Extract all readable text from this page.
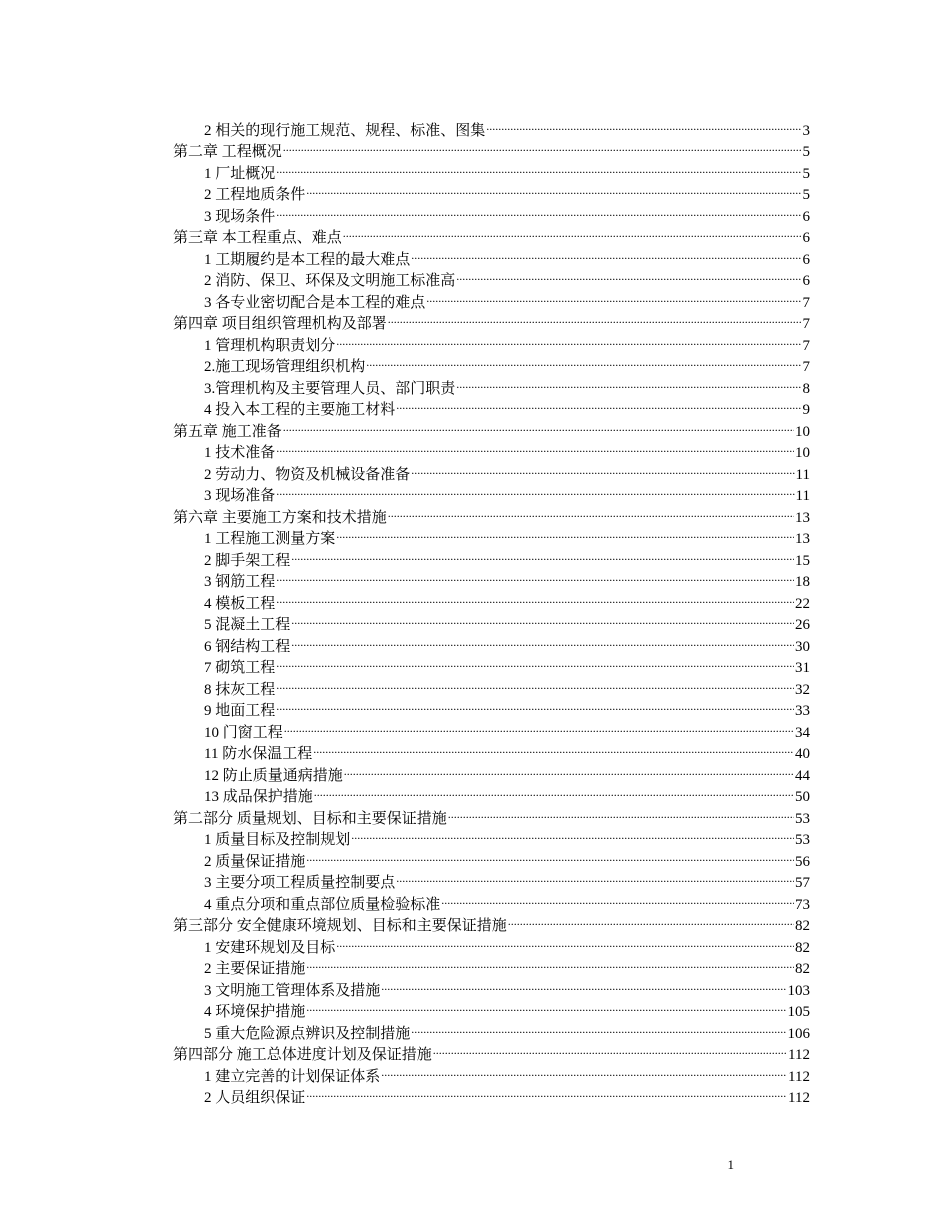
2 相关的现行施工规范、规程、标准、图集 .....	3
第二章 工程概况 .....	5
1 厂址概况 .....	5
2 工程地质条件 .....	5
3 现场条件 .....	6
第三章 本工程重点、难点 .....	6
1 工期履约是本工程的最大难点 .....	6
2 消防、保卫、环保及文明施工标准高 .....	6
3 各专业密切配合是本工程的难点 .....	7
第四章 项目组织管理机构及部署 .....	7
1 管理机构职责划分 .....	7
2.施工现场管理组织机构 .....	7
3.管理机构及主要管理人员、部门职责 .....	8
4 投入本工程的主要施工材料 .....	9
第五章 施工准备 .....	10
1 技术准备 .....	10
2 劳动力、物资及机械设备准备 .....	11
3 现场准备 .....	11
第六章 主要施工方案和技术措施 .....	13
1 工程施工测量方案 .....	13
2 脚手架工程 .....	15
3 钢筋工程 .....	18
4 模板工程 .....	22
5 混凝土工程 .....	26
6 钢结构工程 .....	30
7 砌筑工程 .....	31
8 抹灰工程 .....	32
9 地面工程 .....	33
10 门窗工程 .....	34
11 防水保温工程 .....	40
12 防止质量通病措施 .....	44
13 成品保护措施 .....	50
第二部分 质量规划、目标和主要保证措施 .....	53
1 质量目标及控制规划 .....	53
2 质量保证措施 .....	56
3 主要分项工程质量控制要点 .....	57
4 重点分项和重点部位质量检验标准 .....	73
第三部分 安全健康环境规划、目标和主要保证措施 .....	82
1 安建环规划及目标 .....	82
2 主要保证措施 .....	82
3 文明施工管理体系及措施 .....	103
4 环境保护措施 .....	105
5 重大危险源点辨识及控制措施 .....	106
第四部分 施工总体进度计划及保证措施 .....	112
1 建立完善的计划保证体系 .....	112
2 人员组织保证 .....	112
1
